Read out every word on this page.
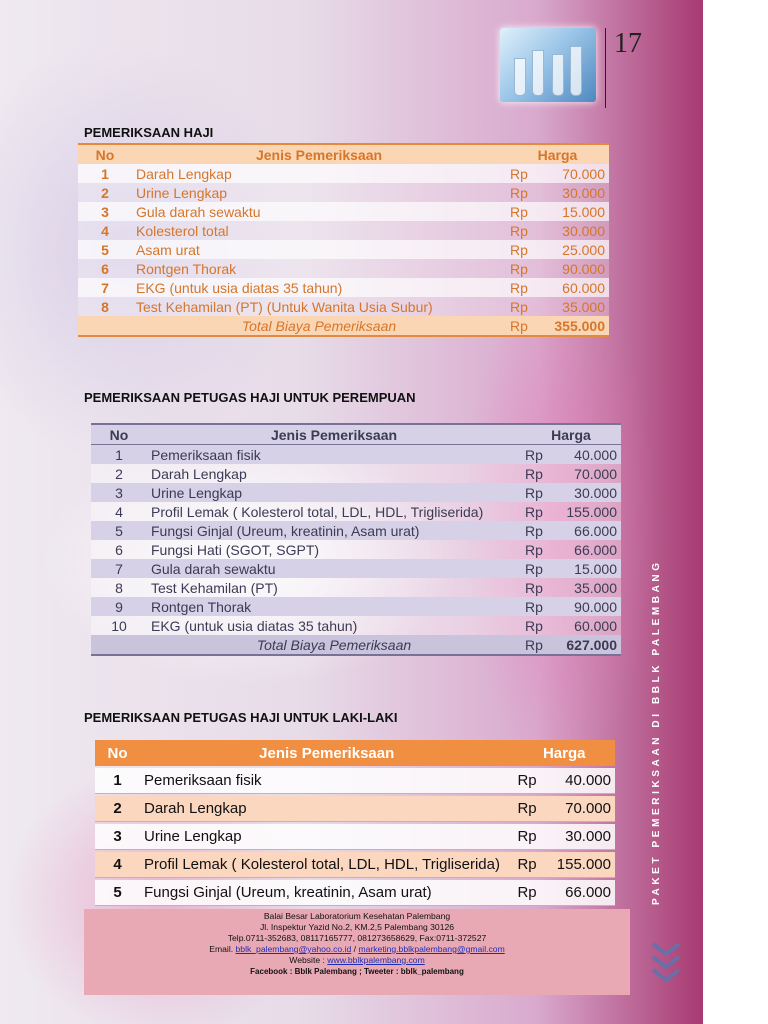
17
PEMERIKSAAN HAJI
No	Jenis Pemeriksaan	Harga	
1	Darah Lengkap	Rp	70.000
2	Urine Lengkap	Rp	30.000
3	Gula darah sewaktu	Rp	15.000
4	Kolesterol total	Rp	30.000
5	Asam urat	Rp	25.000
6	Rontgen Thorak	Rp	90.000
7	EKG (untuk usia diatas 35 tahun)	Rp	60.000
8	Test Kehamilan (PT) (Untuk Wanita Usia Subur)	Rp	35.000
	Total Biaya Pemeriksaan	Rp	355.000
PEMERIKSAAN PETUGAS HAJI UNTUK PEREMPUAN
No	Jenis Pemeriksaan	Harga	
1	Pemeriksaan fisik	Rp	40.000
2	Darah Lengkap	Rp	70.000
3	Urine Lengkap	Rp	30.000
4	Profil Lemak ( Kolesterol total, LDL, HDL, Trigliserida)	Rp	155.000
5	Fungsi Ginjal (Ureum, kreatinin, Asam urat)	Rp	66.000
6	Fungsi Hati (SGOT, SGPT)	Rp	66.000
7	Gula darah sewaktu	Rp	15.000
8	Test Kehamilan (PT)	Rp	35.000
9	Rontgen Thorak	Rp	90.000
10	EKG (untuk usia diatas 35 tahun)	Rp	60.000
	Total Biaya Pemeriksaan	Rp	627.000
PEMERIKSAAN PETUGAS HAJI UNTUK LAKI-LAKI
No	Jenis Pemeriksaan	Harga	

1	Pemeriksaan fisik	Rp	40.000

2	Darah Lengkap	Rp	70.000

3	Urine Lengkap	Rp	30.000

4	Profil Lemak ( Kolesterol total, LDL, HDL, Trigliserida)	Rp	155.000

5	Fungsi Ginjal (Ureum, kreatinin, Asam urat)	Rp	66.000
Balai Besar Laboratorium Kesehatan Palembang
Jl. Inspektur Yazid No.2, KM.2,5 Palembang 30126
Telp.0711-352683, 08117165777, 081273658629, Fax:0711-372527
Email. bblk_palembang@yahoo.co.id / marketing.bblkpalembang@gmail.com
Website : www.bblkpalembang.com
Facebook : Bblk Palembang ; Tweeter : bblk_palembang
PAKET PEMERIKSAAN DI BBLK PALEMBANG
